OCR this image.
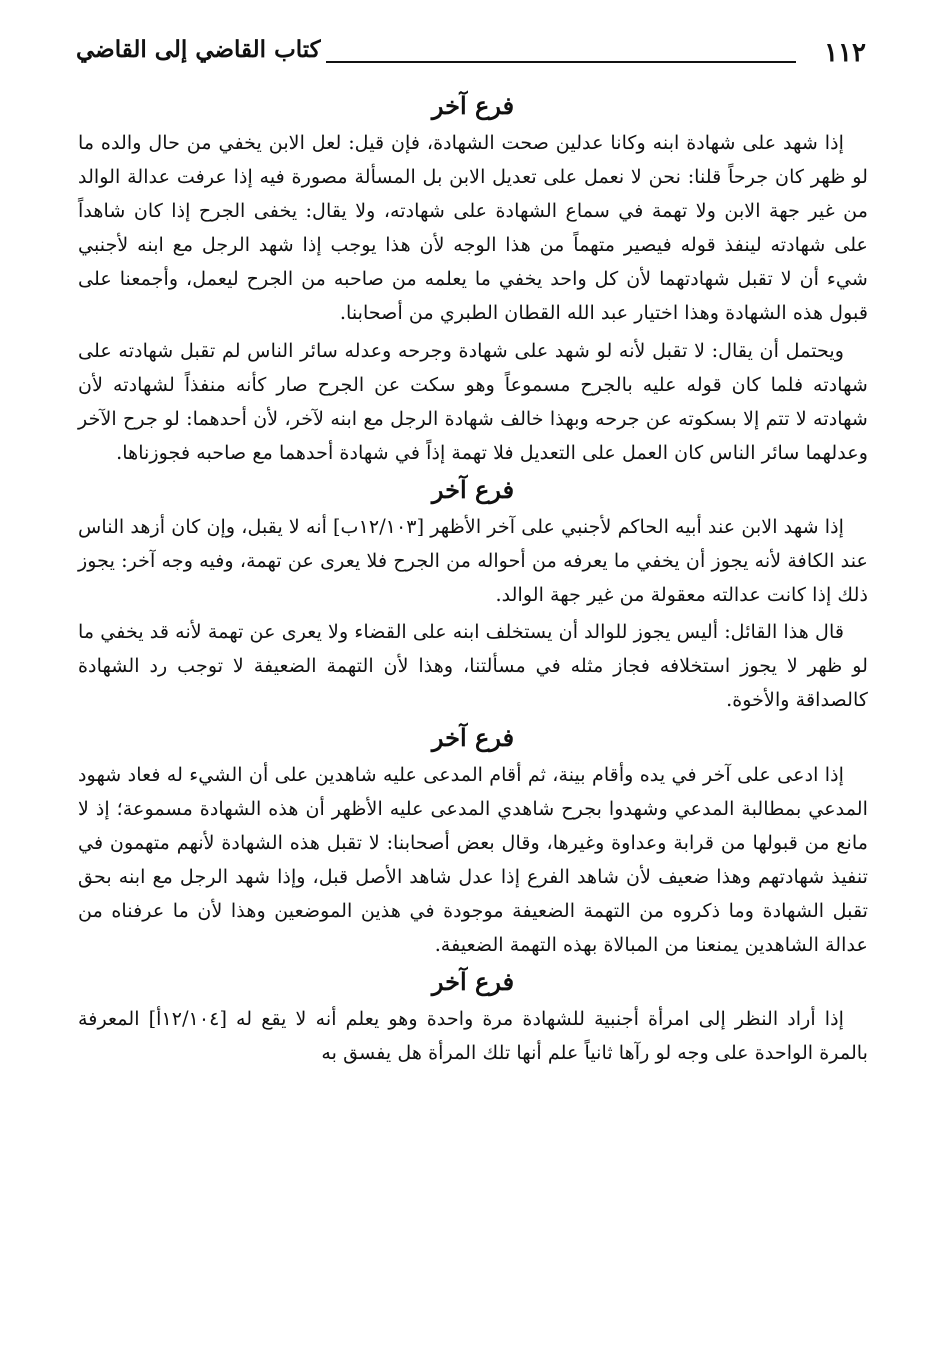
١١٢
كتاب القاضي إلى القاضي
فرع آخر

إذا شهد على شهادة ابنه وكانا عدلين صحت الشهادة، فإن قيل: لعل الابن يخفي من حال والده ما لو ظهر كان جرحاً قلنا: نحن لا نعمل على تعديل الابن بل المسألة مصورة فيه إذا عرفت عدالة الوالد من غير جهة الابن ولا تهمة في سماع الشهادة على شهادته، ولا يقال: يخفى الجرح إذا كان شاهداً على شهادته لينفذ قوله فيصير متهماً من هذا الوجه لأن هذا يوجب إذا شهد الرجل مع ابنه لأجنبي شيء أن لا تقبل شهادتهما لأن كل واحد يخفي ما يعلمه من صاحبه من الجرح ليعمل، وأجمعنا على قبول هذه الشهادة وهذا اختيار عبد الله القطان الطبري من أصحابنا.

ويحتمل أن يقال: لا تقبل لأنه لو شهد على شهادة وجرحه وعدله سائر الناس لم تقبل شهادته على شهادته فلما كان قوله عليه بالجرح مسموعاً وهو سكت عن الجرح صار كأنه منفذاً لشهادته لأن شهادته لا تتم إلا بسكوته عن جرحه وبهذا خالف شهادة الرجل مع ابنه لآخر، لأن أحدهما: لو جرح الآخر وعدلهما سائر الناس كان العمل على التعديل فلا تهمة إذاً في شهادة أحدهما مع صاحبه فجوزناها.

فرع آخر

إذا شهد الابن عند أبيه الحاكم لأجنبي على آخر الأظهر [١٢/١٠٣ب] أنه لا يقبل، وإن كان أزهد الناس عند الكافة لأنه يجوز أن يخفي ما يعرفه من أحواله من الجرح فلا يعرى عن تهمة، وفيه وجه آخر: يجوز ذلك إذا كانت عدالته معقولة من غير جهة الوالد.

قال هذا القائل: أليس يجوز للوالد أن يستخلف ابنه على القضاء ولا يعرى عن تهمة لأنه قد يخفي ما لو ظهر لا يجوز استخلافه فجاز مثله في مسألتنا، وهذا لأن التهمة الضعيفة لا توجب رد الشهادة كالصداقة والأخوة.

فرع آخر

إذا ادعى على آخر في يده وأقام بينة، ثم أقام المدعى عليه شاهدين على أن الشيء له فعاد شهود المدعي بمطالبة المدعي وشهدوا بجرح شاهدي المدعى عليه الأظهر أن هذه الشهادة مسموعة؛ إذ لا مانع من قبولها من قرابة وعداوة وغيرها، وقال بعض أصحابنا: لا تقبل هذه الشهادة لأنهم متهمون في تنفيذ شهادتهم وهذا ضعيف لأن شاهد الفرع إذا عدل شاهد الأصل قبل، وإذا شهد الرجل مع ابنه بحق تقبل الشهادة وما ذكروه من التهمة الضعيفة موجودة في هذين الموضعين وهذا لأن ما عرفناه من عدالة الشاهدين يمنعنا من المبالاة بهذه التهمة الضعيفة.

فرع آخر

إذا أراد النظر إلى امرأة أجنبية للشهادة مرة واحدة وهو يعلم أنه لا يقع له [١٢/١٠٤أ] المعرفة بالمرة الواحدة على وجه لو رآها ثانياً علم أنها تلك المرأة هل يفسق به
